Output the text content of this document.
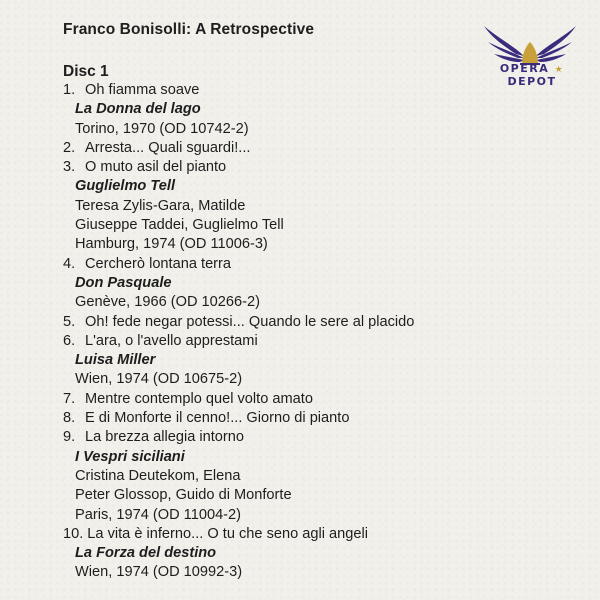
Franco Bonisolli: A Retrospective
OPERA ★ DEPOT
Disc 1
1. Oh fiamma soave
La Donna del lago
Torino, 1970 (OD 10742-2)
2. Arresta... Quali sguardi!...
3. O muto asil del pianto
Guglielmo Tell
Teresa Zylis-Gara, Matilde
Giuseppe Taddei, Guglielmo Tell
Hamburg, 1974 (OD 11006-3)
4. Cercherò lontana terra
Don Pasquale
Genève, 1966 (OD 10266-2)
5. Oh! fede negar potessi... Quando le sere al placido
6. L'ara, o l'avello apprestami
Luisa Miller
Wien, 1974 (OD 10675-2)
7. Mentre contemplo quel volto amato
8. E di Monforte il cenno!... Giorno di pianto
9. La brezza allegia intorno
I Vespri siciliani
Cristina Deutekom, Elena
Peter Glossop, Guido di Monforte
Paris, 1974 (OD 11004-2)
10. La vita è inferno... O tu che seno agli angeli
La Forza del destino
Wien, 1974 (OD 10992-3)
